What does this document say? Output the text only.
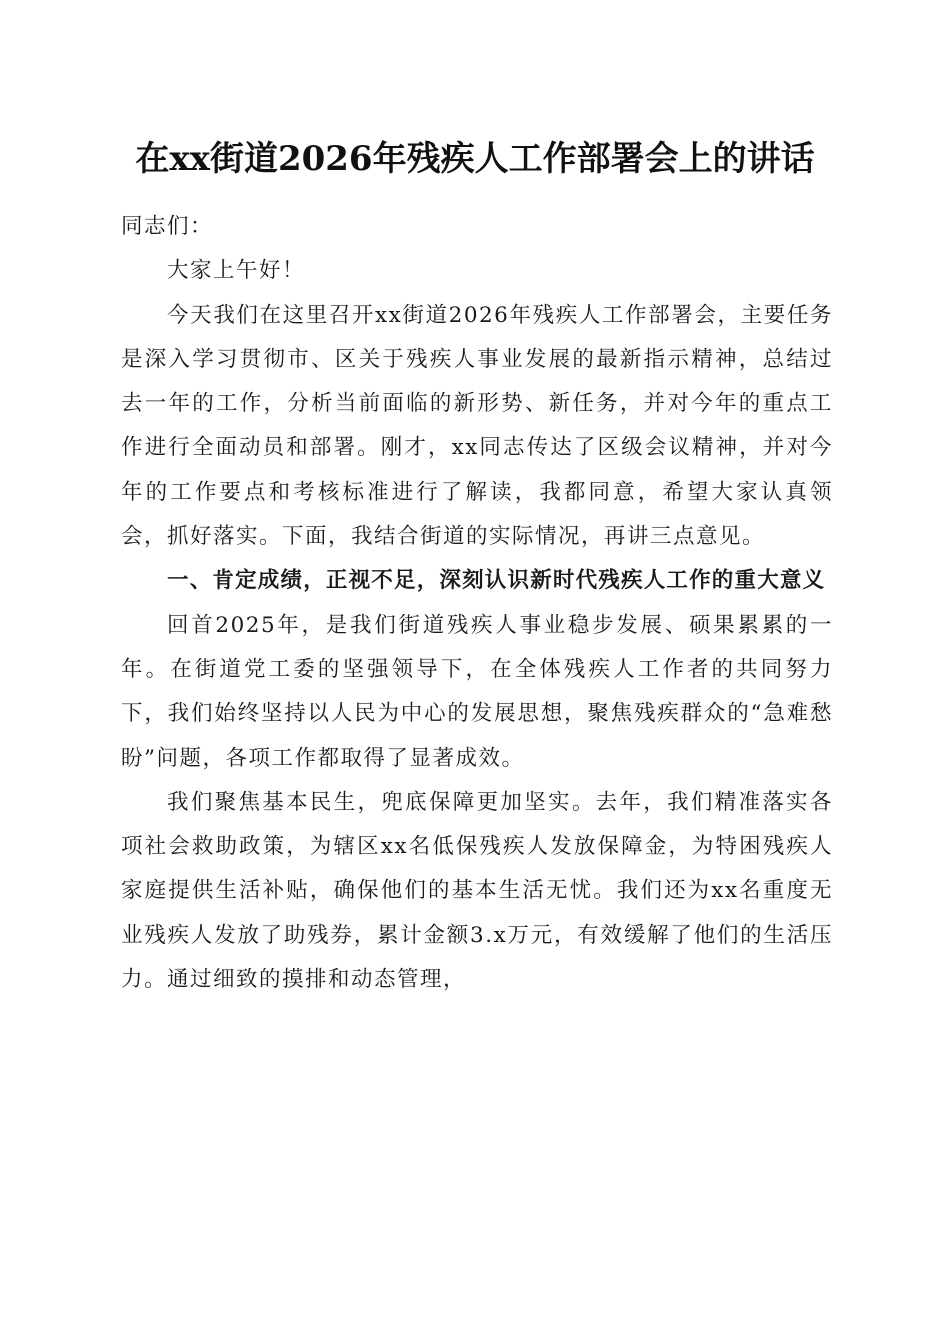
在xx街道2026年残疾人工作部署会上的讲话

同志们：

大家上午好！

今天我们在这里召开xx街道2026年残疾人工作部署会，主要任务是深入学习贯彻市、区关于残疾人事业发展的最新指示精神，总结过去一年的工作，分析当前面临的新形势、新任务，并对今年的重点工作进行全面动员和部署。刚才，xx同志传达了区级会议精神，并对今年的工作要点和考核标准进行了解读，我都同意，希望大家认真领会，抓好落实。下面，我结合街道的实际情况，再讲三点意见。

一、肯定成绩，正视不足，深刻认识新时代残疾人工作的重大意义

回首2025年，是我们街道残疾人事业稳步发展、硕果累累的一年。在街道党工委的坚强领导下，在全体残疾人工作者的共同努力下，我们始终坚持以人民为中心的发展思想，聚焦残疾群众的“急难愁盼”问题，各项工作都取得了显著成效。

我们聚焦基本民生，兜底保障更加坚实。去年，我们精准落实各项社会救助政策，为辖区xx名低保残疾人发放保障金，为特困残疾人家庭提供生活补贴，确保他们的基本生活无忧。我们还为xx名重度无业残疾人发放了助残券，累计金额3.x万元，有效缓解了他们的生活压力。通过细致的摸排和动态管理，
